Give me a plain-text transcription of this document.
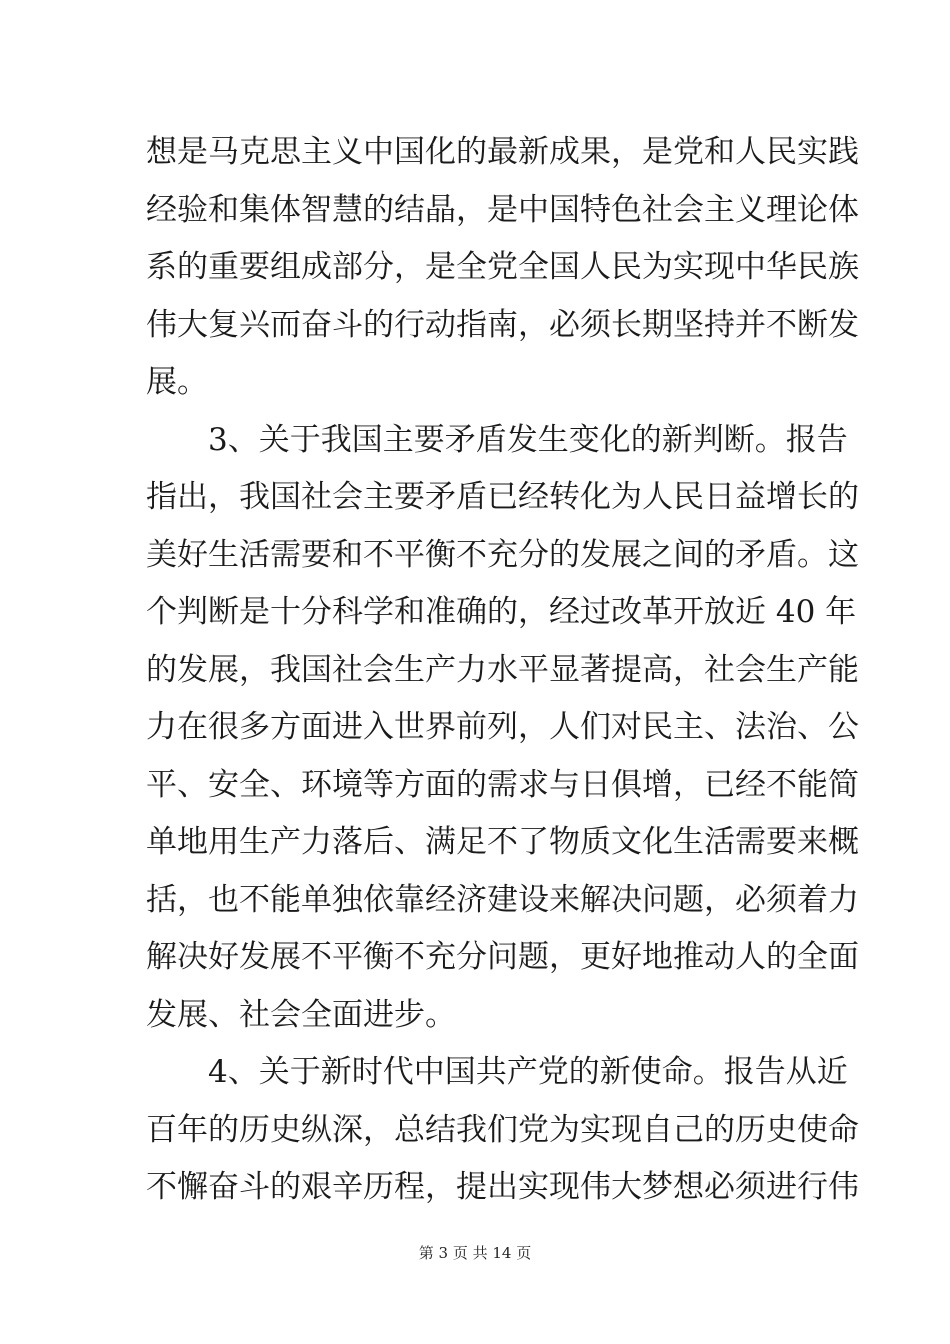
想是马克思主义中国化的最新成果，是党和人民实践
经验和集体智慧的结晶，是中国特色社会主义理论体
系的重要组成部分，是全党全国人民为实现中华民族
伟大复兴而奋斗的行动指南，必须长期坚持并不断发
展。
　　3、关于我国主要矛盾发生变化的新判断。报告
指出，我国社会主要矛盾已经转化为人民日益增长的
美好生活需要和不平衡不充分的发展之间的矛盾。这
个判断是十分科学和准确的，经过改革开放近 40 年
的发展，我国社会生产力水平显著提高，社会生产能
力在很多方面进入世界前列，人们对民主、法治、公
平、安全、环境等方面的需求与日俱增，已经不能简
单地用生产力落后、满足不了物质文化生活需要来概
括，也不能单独依靠经济建设来解决问题，必须着力
解决好发展不平衡不充分问题，更好地推动人的全面
发展、社会全面进步。
　　4、关于新时代中国共产党的新使命。报告从近
百年的历史纵深，总结我们党为实现自己的历史使命
不懈奋斗的艰辛历程，提出实现伟大梦想必须进行伟
第 3 页 共 14 页
